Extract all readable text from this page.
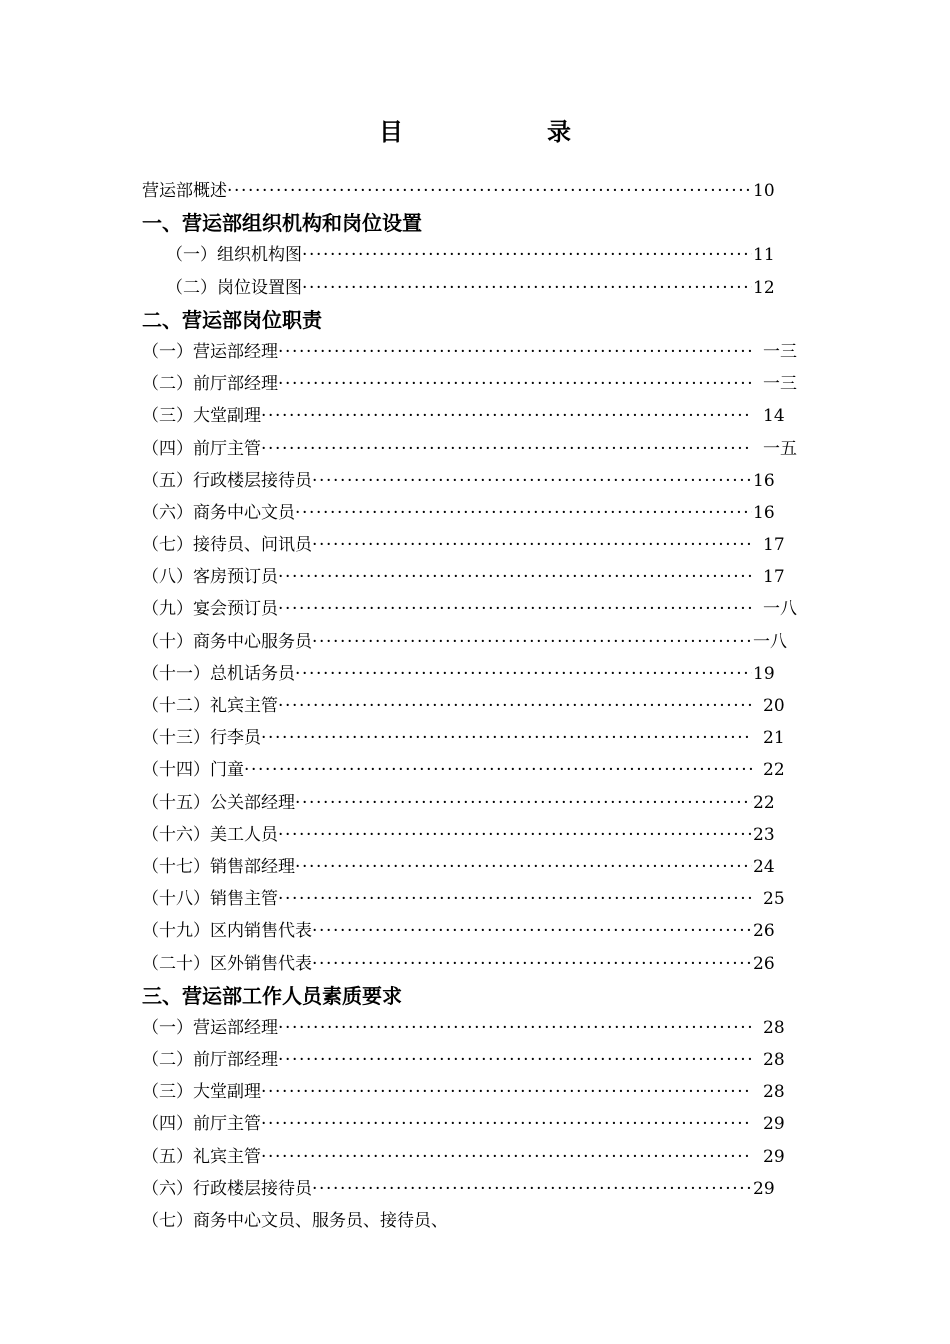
目　录
营运部概述 ·····	10
一、营运部组织机构和岗位设置
（一）组织机构图 ·····	11
（二）岗位设置图 ·····	12
二、营运部岗位职责
（一）营运部经理 ·····	一三
（二）前厅部经理 ·····	一三
（三）大堂副理 ·····	14
（四）前厅主管 ·····	一五
（五）行政楼层接待员 ·····	16
（六）商务中心文员 ·····	16
（七）接待员、问讯员 ·····	17
（八）客房预订员 ·····	17
（九）宴会预订员 ·····	一八
（十）商务中心服务员 ·····	一八
（十一）总机话务员 ·····	19
（十二）礼宾主管 ·····	20
（十三）行李员 ·····	21
（十四）门童 ·····	22
（十五）公关部经理 ·····	22
（十六）美工人员 ·····	23
（十七）销售部经理 ·····	24
（十八）销售主管 ·····	25
（十九）区内销售代表 ·····	26
（二十）区外销售代表 ·····	26
三、营运部工作人员素质要求
（一）营运部经理 ·····	28
（二）前厅部经理 ·····	28
（三）大堂副理 ·····	28
（四）前厅主管 ·····	29
（五）礼宾主管 ·····	29
（六）行政楼层接待员 ·····	29
（七）商务中心文员、服务员、接待员、
